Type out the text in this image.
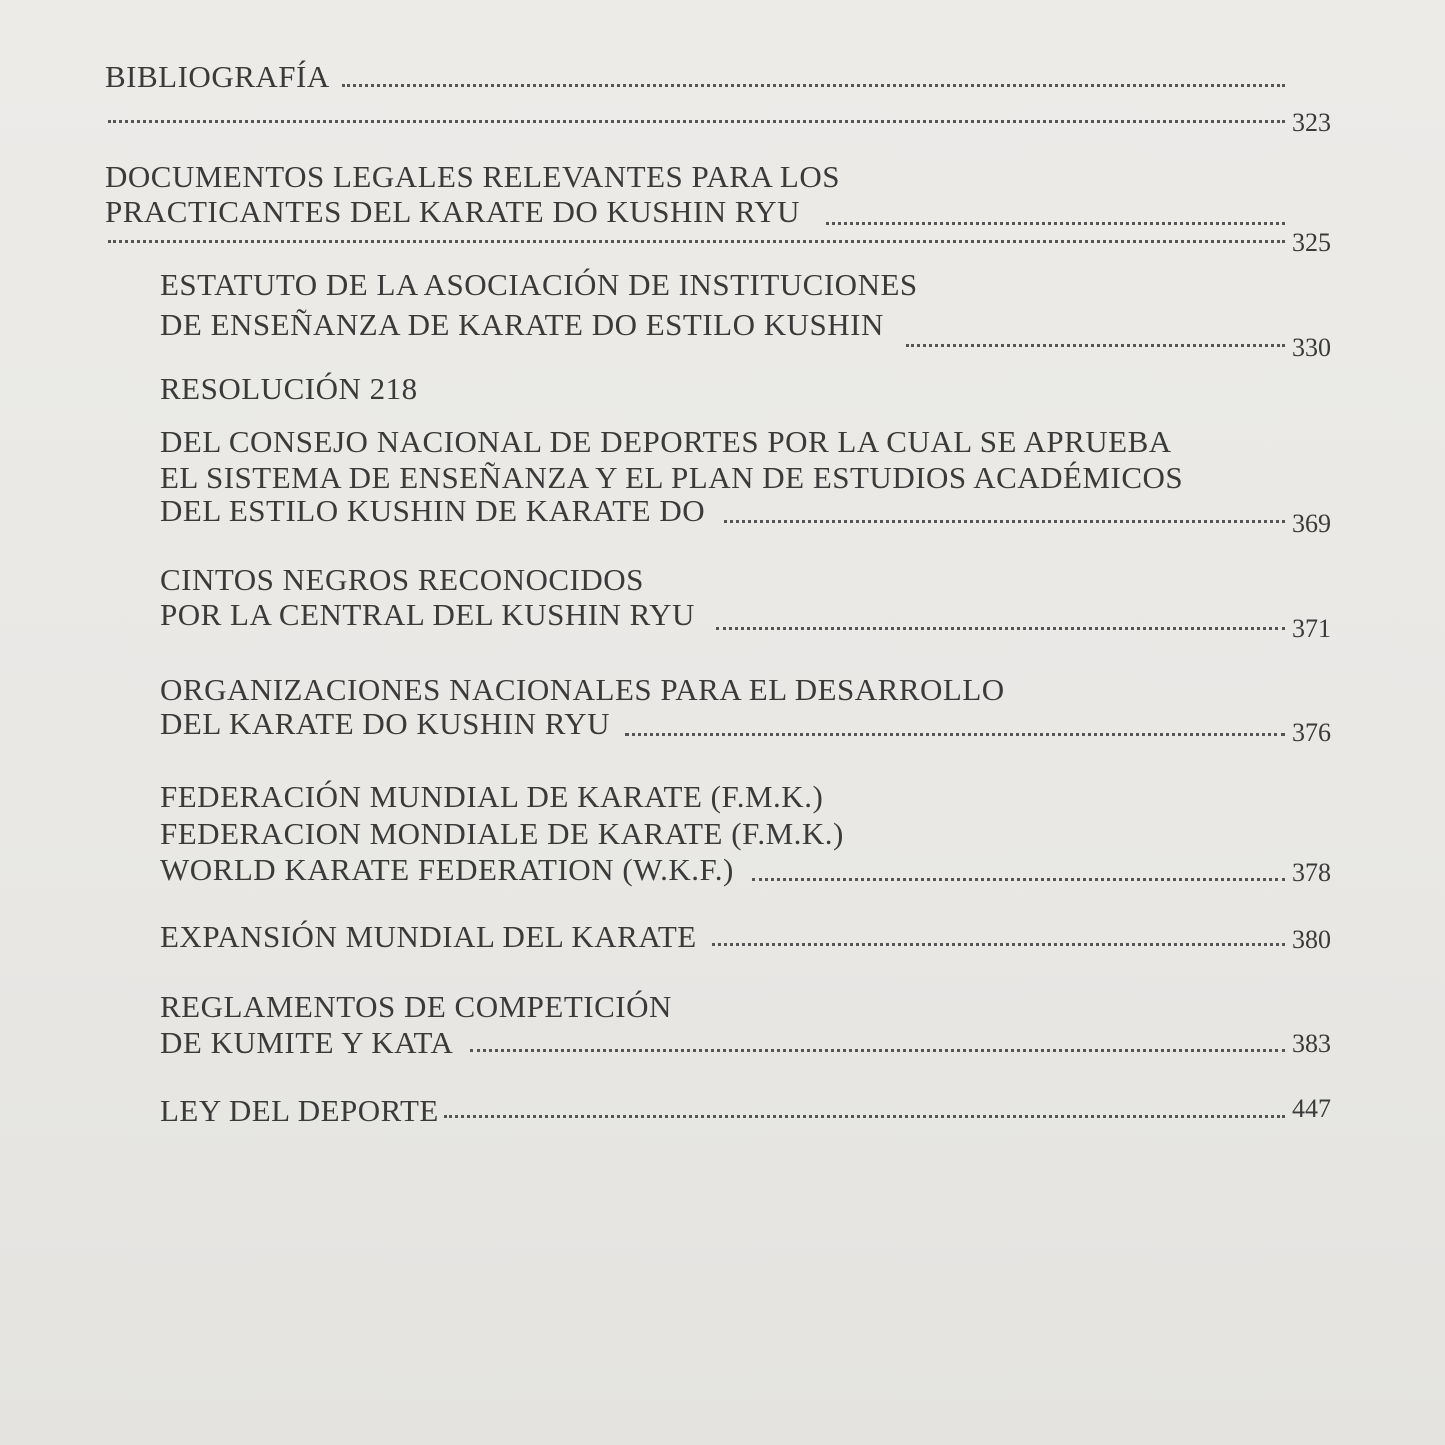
BIBLIOGRAFÍA
323
DOCUMENTOS LEGALES RELEVANTES PARA LOS
PRACTICANTES DEL KARATE DO KUSHIN RYU
325
ESTATUTO DE LA ASOCIACIÓN DE INSTITUCIONES
DE ENSEÑANZA DE KARATE DO ESTILO KUSHIN
330
RESOLUCIÓN 218
DEL CONSEJO NACIONAL DE DEPORTES POR LA CUAL SE APRUEBA
EL SISTEMA DE ENSEÑANZA Y EL PLAN DE ESTUDIOS ACADÉMICOS
DEL ESTILO KUSHIN DE KARATE DO	369
CINTOS NEGROS RECONOCIDOS
POR LA CENTRAL DEL KUSHIN RYU	371
ORGANIZACIONES NACIONALES PARA EL DESARROLLO
DEL KARATE DO KUSHIN RYU	376
FEDERACIÓN MUNDIAL DE KARATE (F.M.K.)
FEDERACION MONDIALE DE KARATE (F.M.K.)
WORLD KARATE FEDERATION (W.K.F.)	378
EXPANSIÓN MUNDIAL DEL KARATE	380
REGLAMENTOS DE COMPETICIÓN
DE KUMITE Y KATA	383
LEY DEL DEPORTE	447
